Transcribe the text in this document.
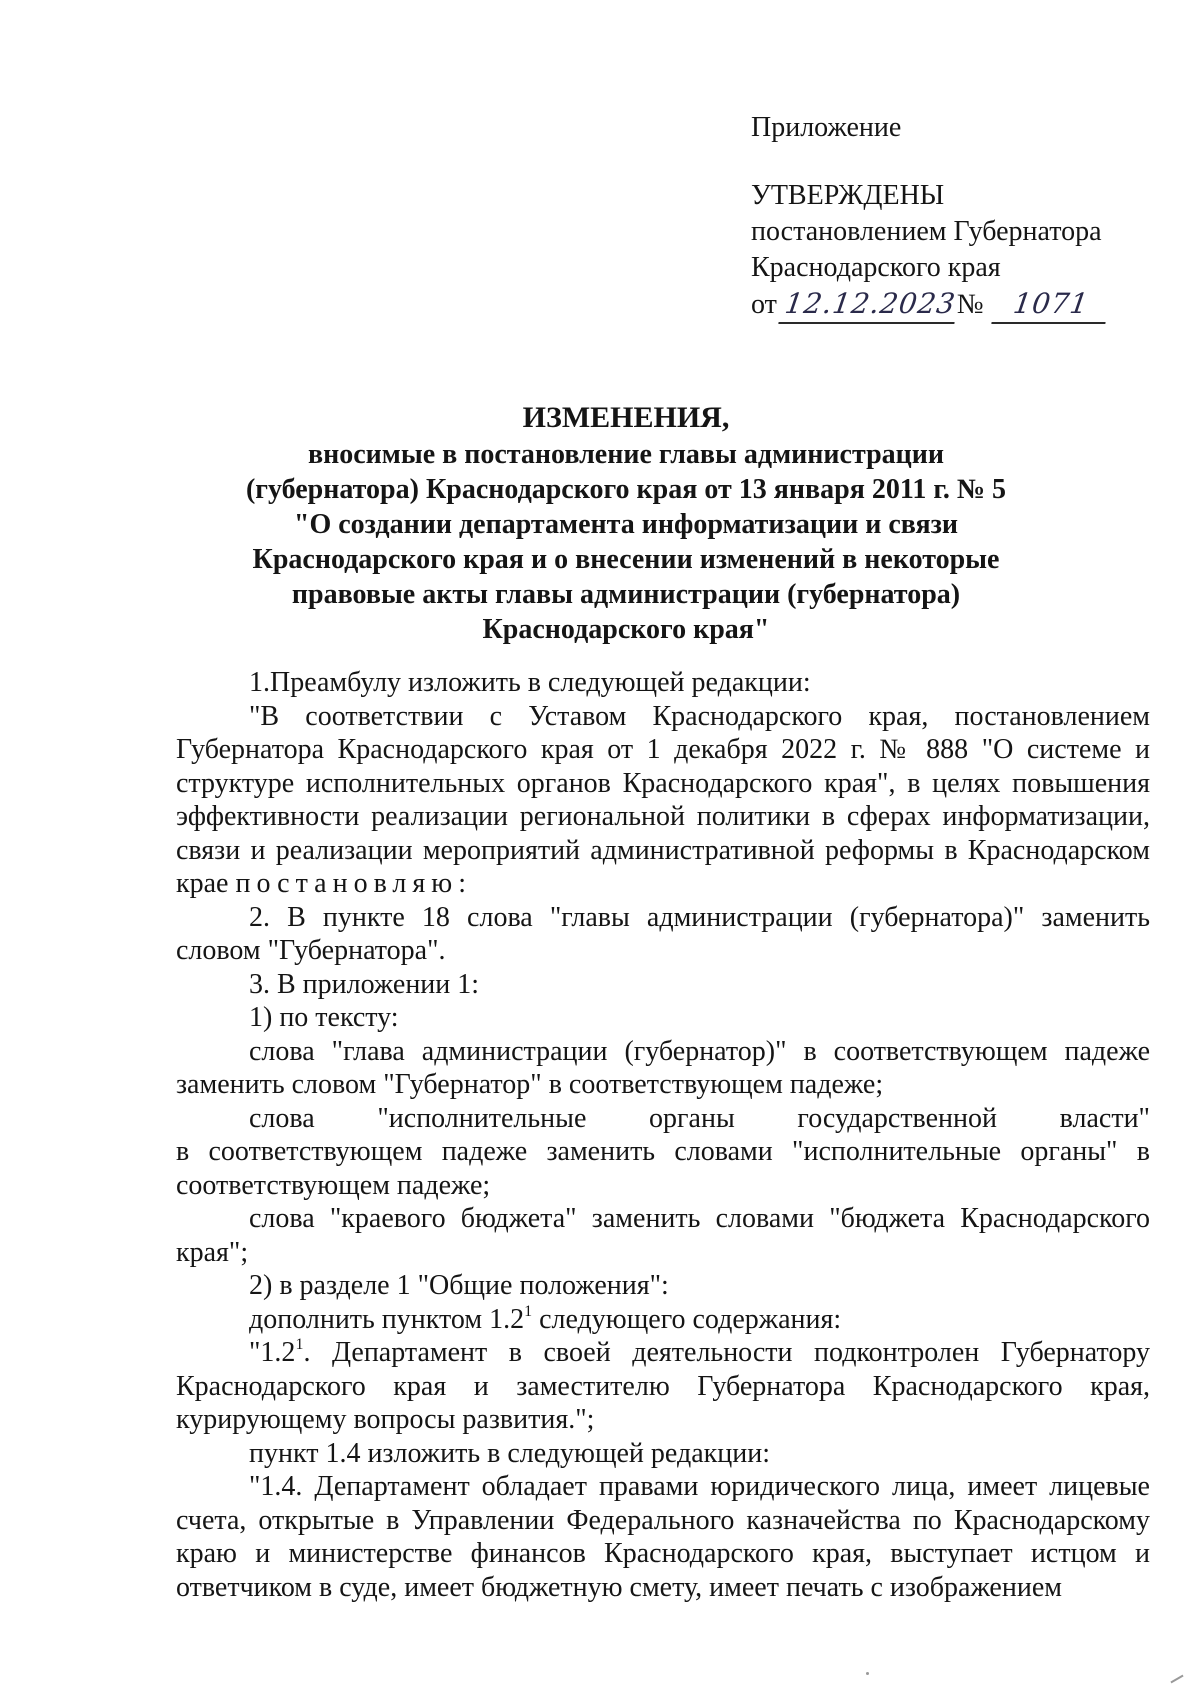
Приложение
УТВЕРЖДЕНЫ
постановлением Губернатора
Краснодарского края
от 12.12.2023№ 1071
ИЗМЕНЕНИЯ,
вносимые в постановление главы администрации
(губернатора) Краснодарского края от 13 января 2011 г. № 5
"О создании департамента информатизации и связи
Краснодарского края и о внесении изменений в некоторые
правовые акты главы администрации (губернатора)
Краснодарского края"

1.Преамбулу изложить в следующей редакции:

"В соответствии с Уставом Краснодарского края, постановлением Губернатора Краснодарского края от 1 декабря 2022 г. № 888 "О системе и структуре исполнительных органов Краснодарского края", в целях повышения эффективности реализации региональной политики в сферах информатизации, связи и реализации мероприятий административной реформы в Краснодарском крае постановляю:

2. В пункте 18 слова "главы администрации (губернатора)" заменить словом "Губернатора".

3. В приложении 1:

1) по тексту:

слова "глава администрации (губернатор)" в соответствующем падеже заменить словом "Губернатор" в соответствующем падеже;

слова "исполнительные органы государственной власти"

в соответствующем падеже заменить словами "исполнительные органы" в соответствующем падеже;

слова "краевого бюджета" заменить словами "бюджета Краснодарского края";

2) в разделе 1 "Общие положения":

дополнить пунктом $1.2^1$ следующего содержания:

"$1.2^1$. Департамент в своей деятельности подконтролен Губернатору Краснодарского края и заместителю Губернатора Краснодарского края, курирующему вопросы развития.";

пункт 1.4 изложить в следующей редакции:

"1.4. Департамент обладает правами юридического лица, имеет лицевые счета, открытые в Управлении Федерального казначейства по Краснодарскому краю и министерстве финансов Краснодарского края, выступает истцом и ответчиком в суде, имеет бюджетную смету, имеет печать с изображением
